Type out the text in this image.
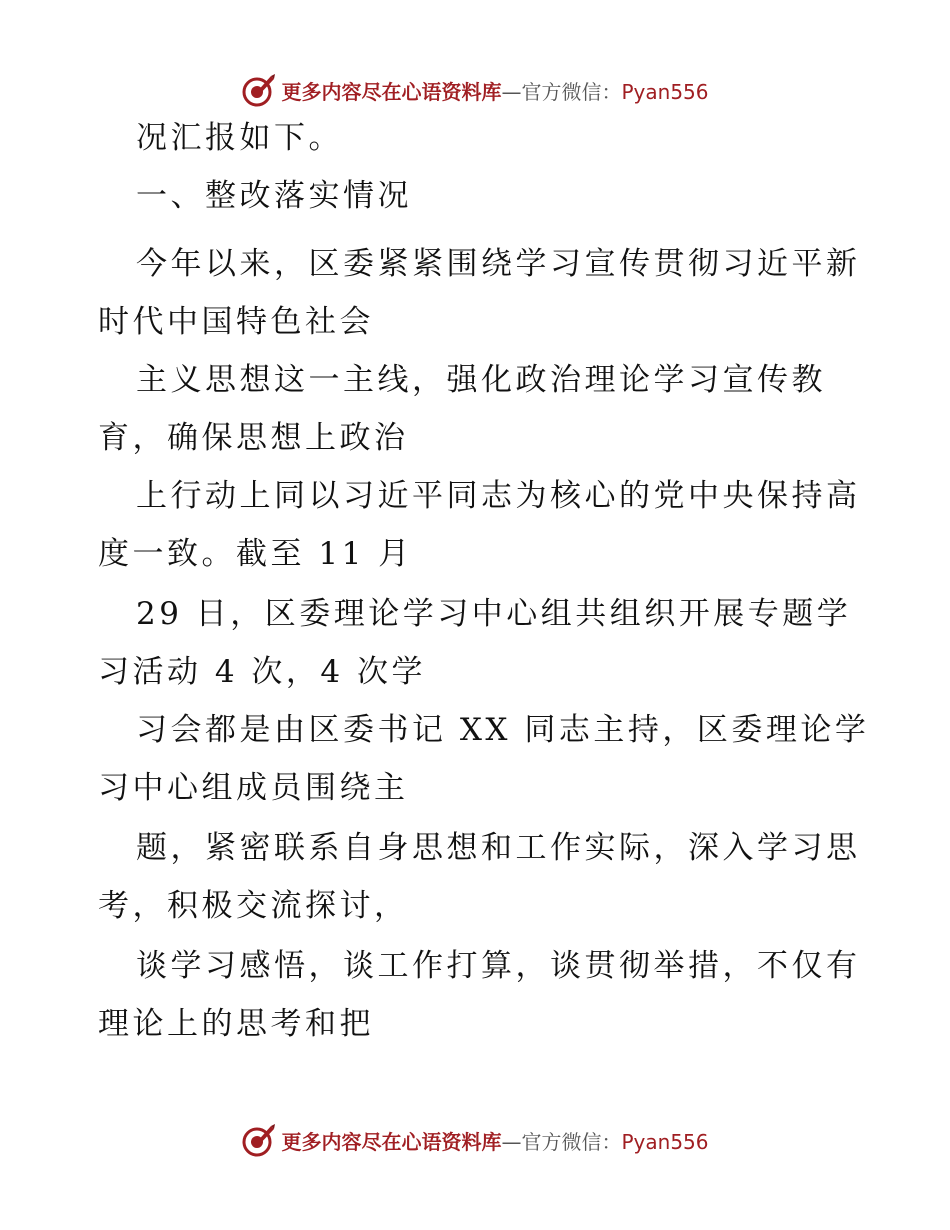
更多内容尽在心语资料库—官方微信：Pyan556
况汇报如下。
一、整改落实情况
今年以来，区委紧紧围绕学习宣传贯彻习近平新
时代中国特色社会
主义思想这一主线，强化政治理论学习宣传教
育，确保思想上政治
上行动上同以习近平同志为核心的党中央保持高
度一致。截至 11 月
29 日，区委理论学习中心组共组织开展专题学
习活动 4 次，4 次学
习会都是由区委书记 XX 同志主持，区委理论学
习中心组成员围绕主
题，紧密联系自身思想和工作实际，深入学习思
考，积极交流探讨，
谈学习感悟，谈工作打算，谈贯彻举措，不仅有
理论上的思考和把
更多内容尽在心语资料库—官方微信：Pyan556
